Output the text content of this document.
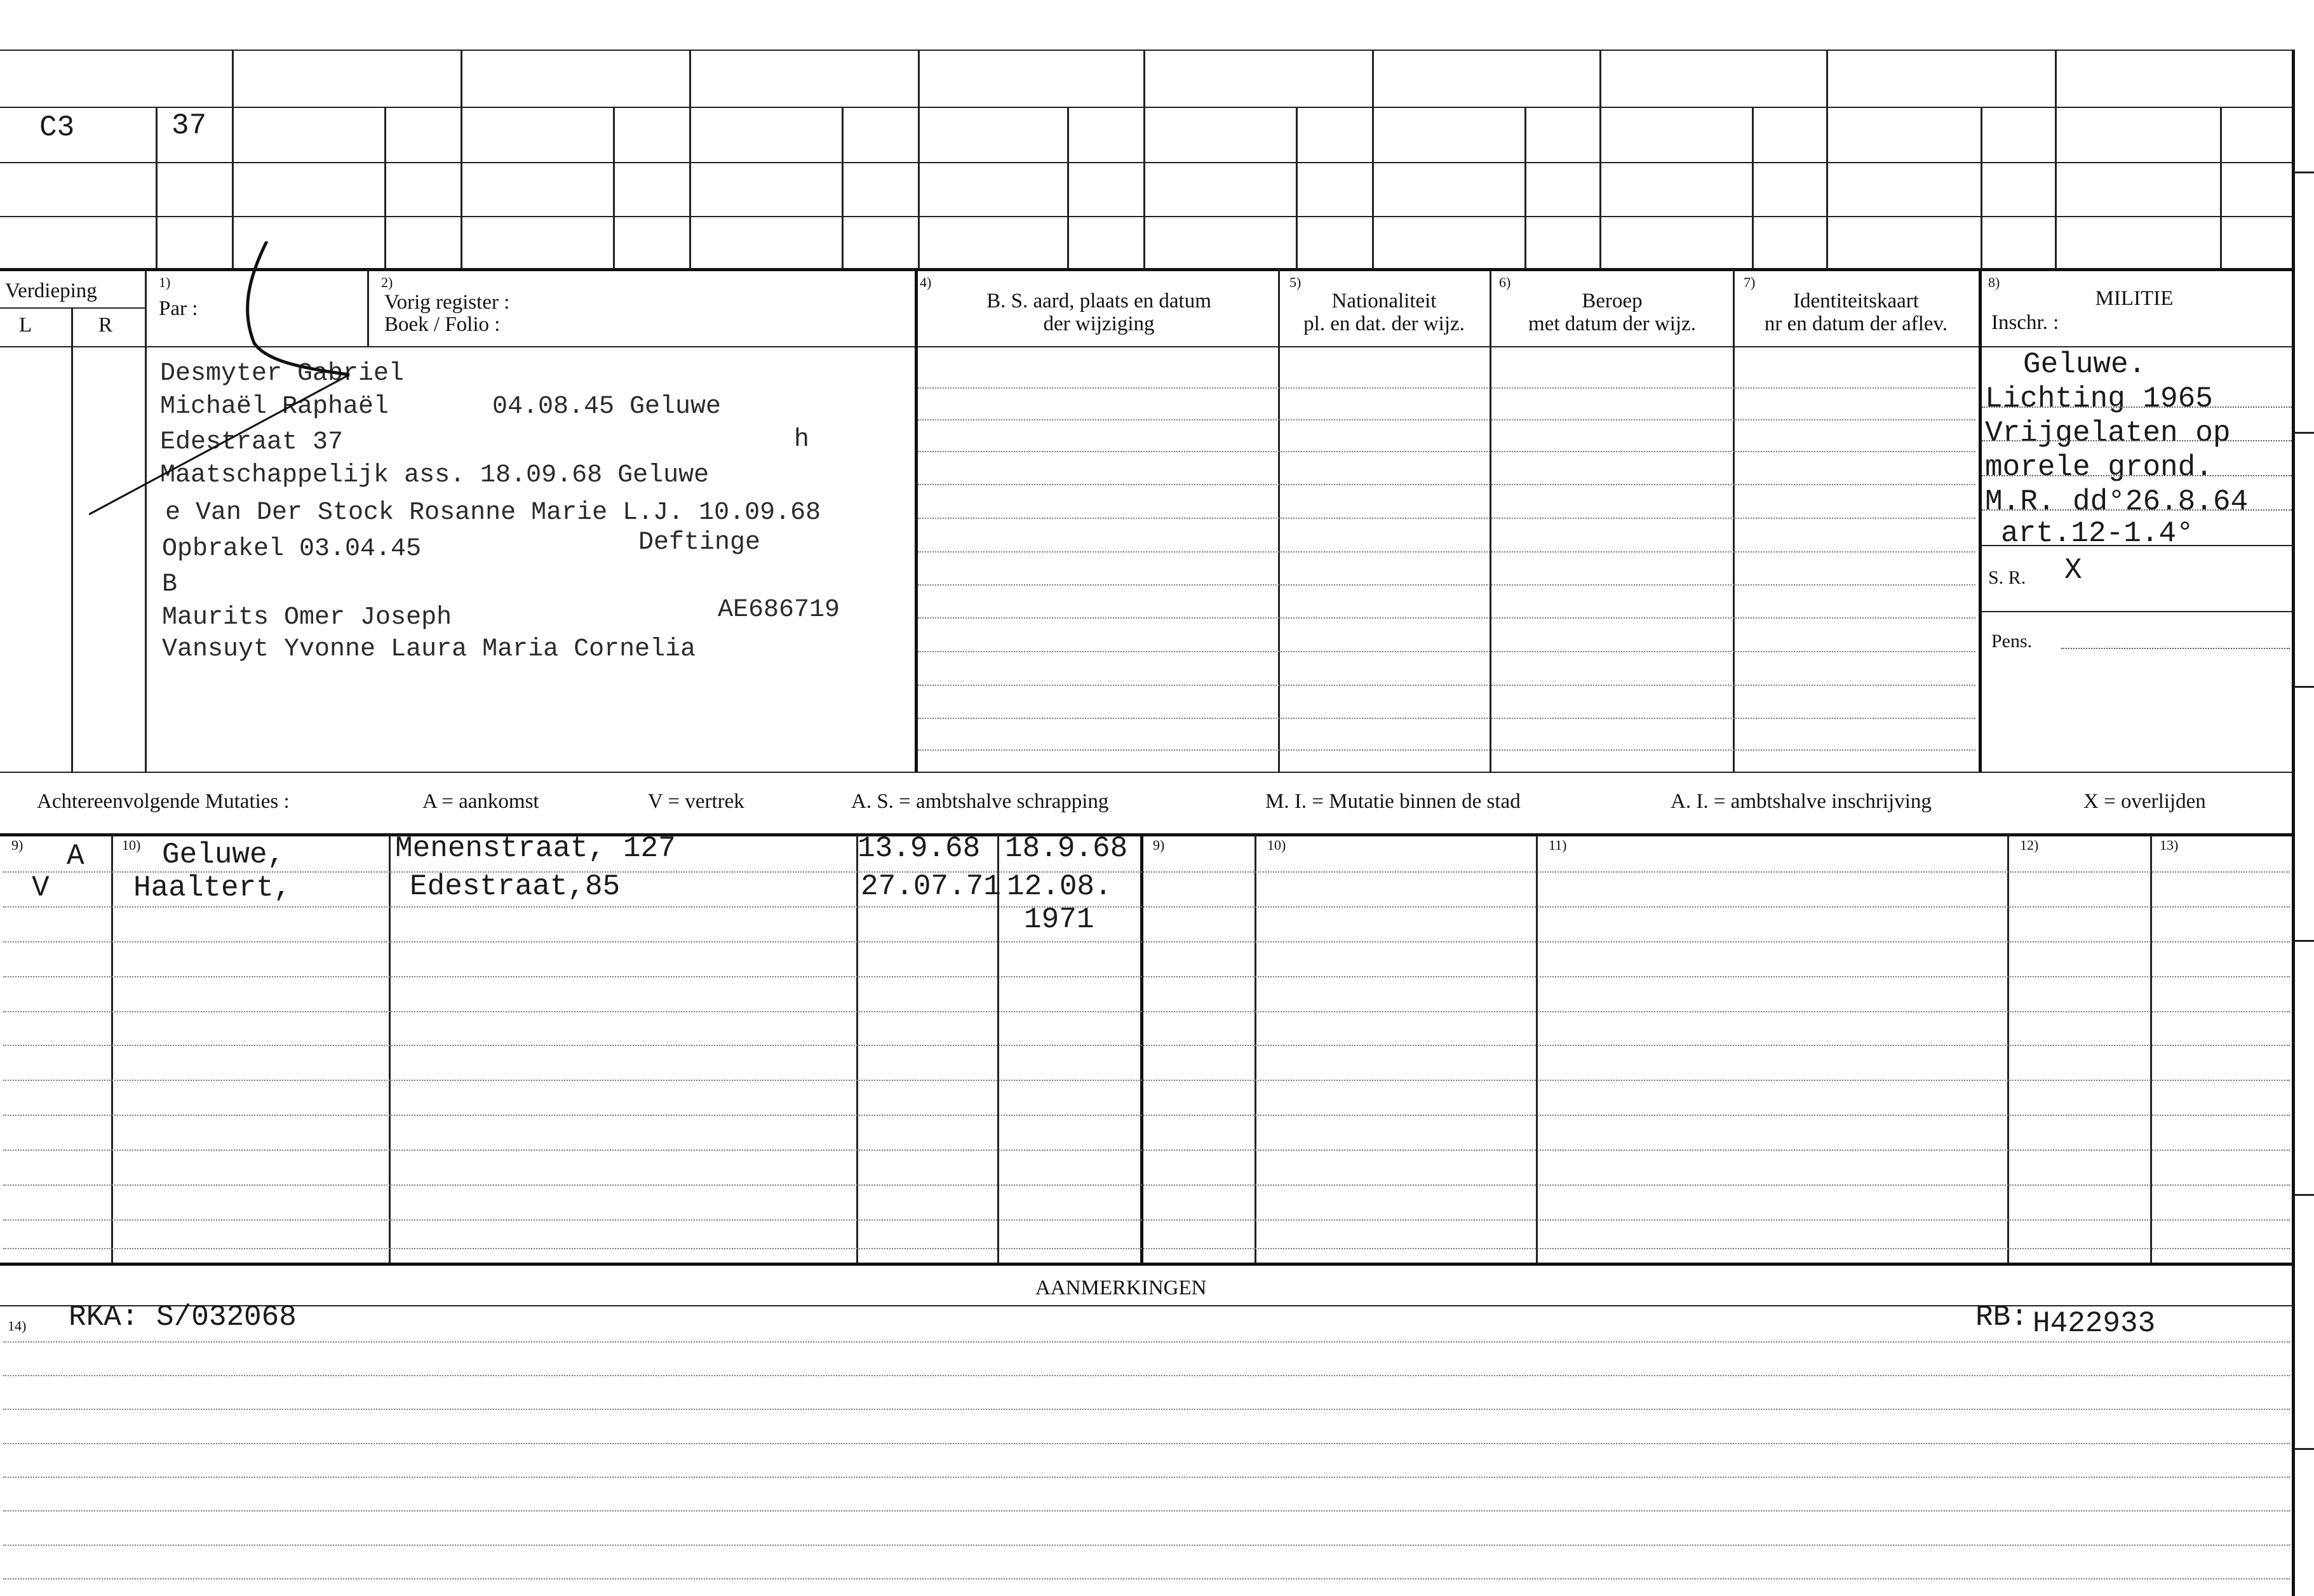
C3	37
Verdieping
L	R
1)
Par :
2)
Vorig register :
Boek / Folio :
4)
B. S. aard, plaats en datum
der wijziging
5)
Nationaliteit
pl. en dat. der wijz.
6)
Beroep
met datum der wijz.
7)
Identiteitskaart
nr en datum der aflev.
8)
MILITIE
Inschr. :
Desmyter Gabriel
Michaël Raphaël	04.08.45 Geluwe
Edestraat 37	h
Maatschappelijk ass. 18.09.68 Geluwe
e Van Der Stock Rosanne Marie L.J. 10.09.68
Opbrakel 03.04.45	Deftinge
B
Maurits Omer Joseph	AE686719
Vansuyt Yvonne Laura Maria Cornelia
Geluwe.
Lichting 1965
Vrijgelaten op
morele grond.
M.R. dd°26.8.64
art.12-1.4°
S. R. X
Pens.
Achtereenvolgende Mutaties :	A = aankomst	V = vertrek	A. S. = ambtshalve schrapping	M. I. = Mutatie binnen de stad	A. I. = ambtshalve inschrijving	X = overlijden
9)	10)	9)	10)	11)	12)	13)
A	Geluwe,	Menenstraat, 127	13.9.68 18.9.68
V	Haaltert,	Edestraat,85	27.07.71 12.08.
1971
AANMERKINGEN
14) RKA: S/032068	RB: H422933
